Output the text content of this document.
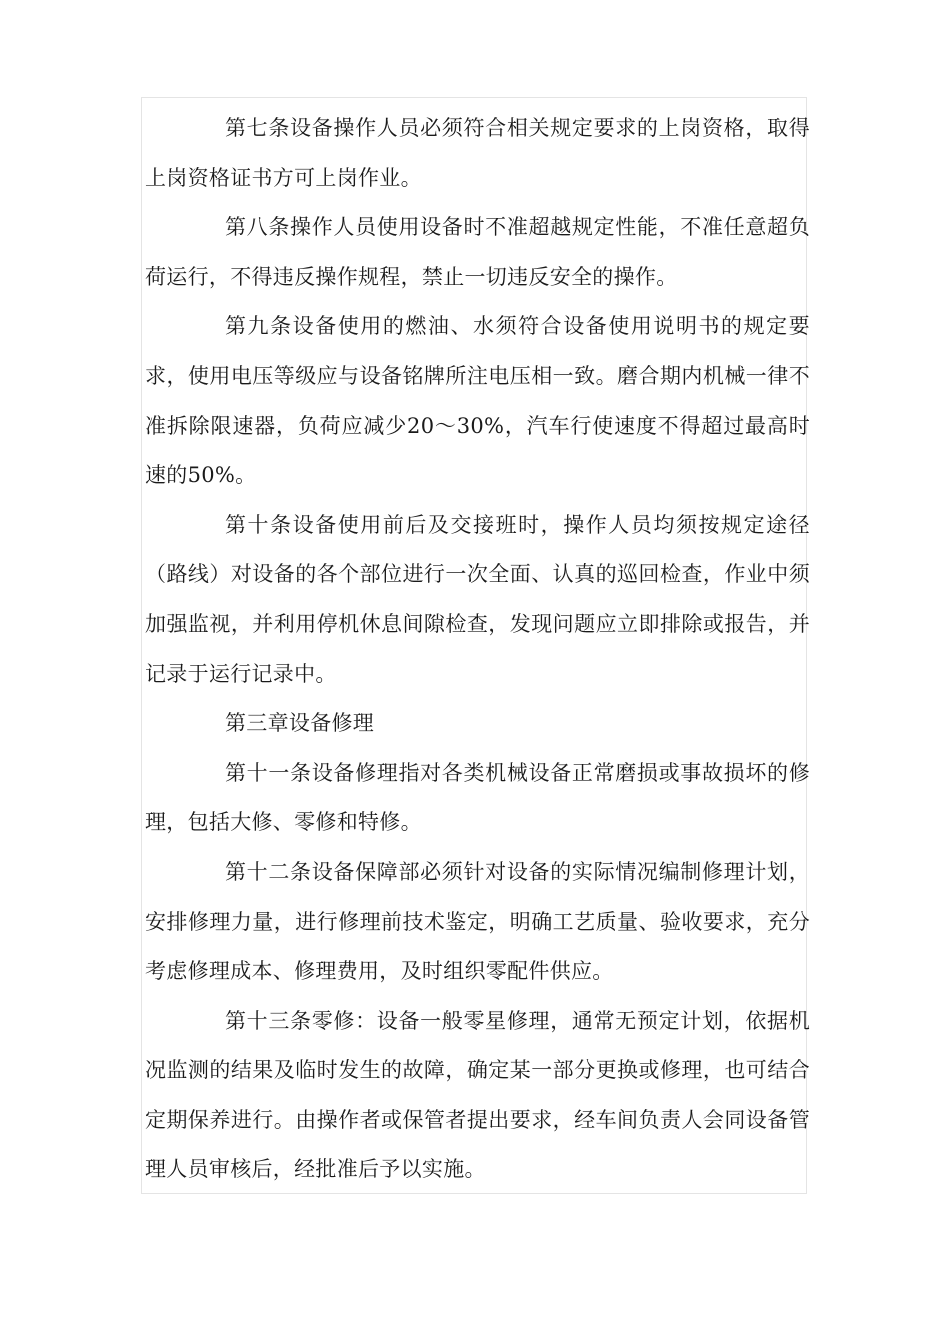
第七条设备操作人员必须符合相关规定要求的上岗资格，取得上岗资格证书方可上岗作业。

第八条操作人员使用设备时不准超越规定性能，不准任意超负荷运行，不得违反操作规程，禁止一切违反安全的操作。

第九条设备使用的燃油、水须符合设备使用说明书的规定要求，使用电压等级应与设备铭牌所注电压相一致。磨合期内机械一律不准拆除限速器，负荷应减少20～30%，汽车行使速度不得超过最高时速的50%。

第十条设备使用前后及交接班时，操作人员均须按规定途径（路线）对设备的各个部位进行一次全面、认真的巡回检查，作业中须加强监视，并利用停机休息间隙检查，发现问题应立即排除或报告，并记录于运行记录中。

第三章设备修理

第十一条设备修理指对各类机械设备正常磨损或事故损坏的修理，包括大修、零修和特修。

第十二条设备保障部必须针对设备的实际情况编制修理计划，安排修理力量，进行修理前技术鉴定，明确工艺质量、验收要求，充分考虑修理成本、修理费用，及时组织零配件供应。

第十三条零修：设备一般零星修理，通常无预定计划，依据机况监测的结果及临时发生的故障，确定某一部分更换或修理，也可结合定期保养进行。由操作者或保管者提出要求，经车间负责人会同设备管理人员审核后，经批准后予以实施。
